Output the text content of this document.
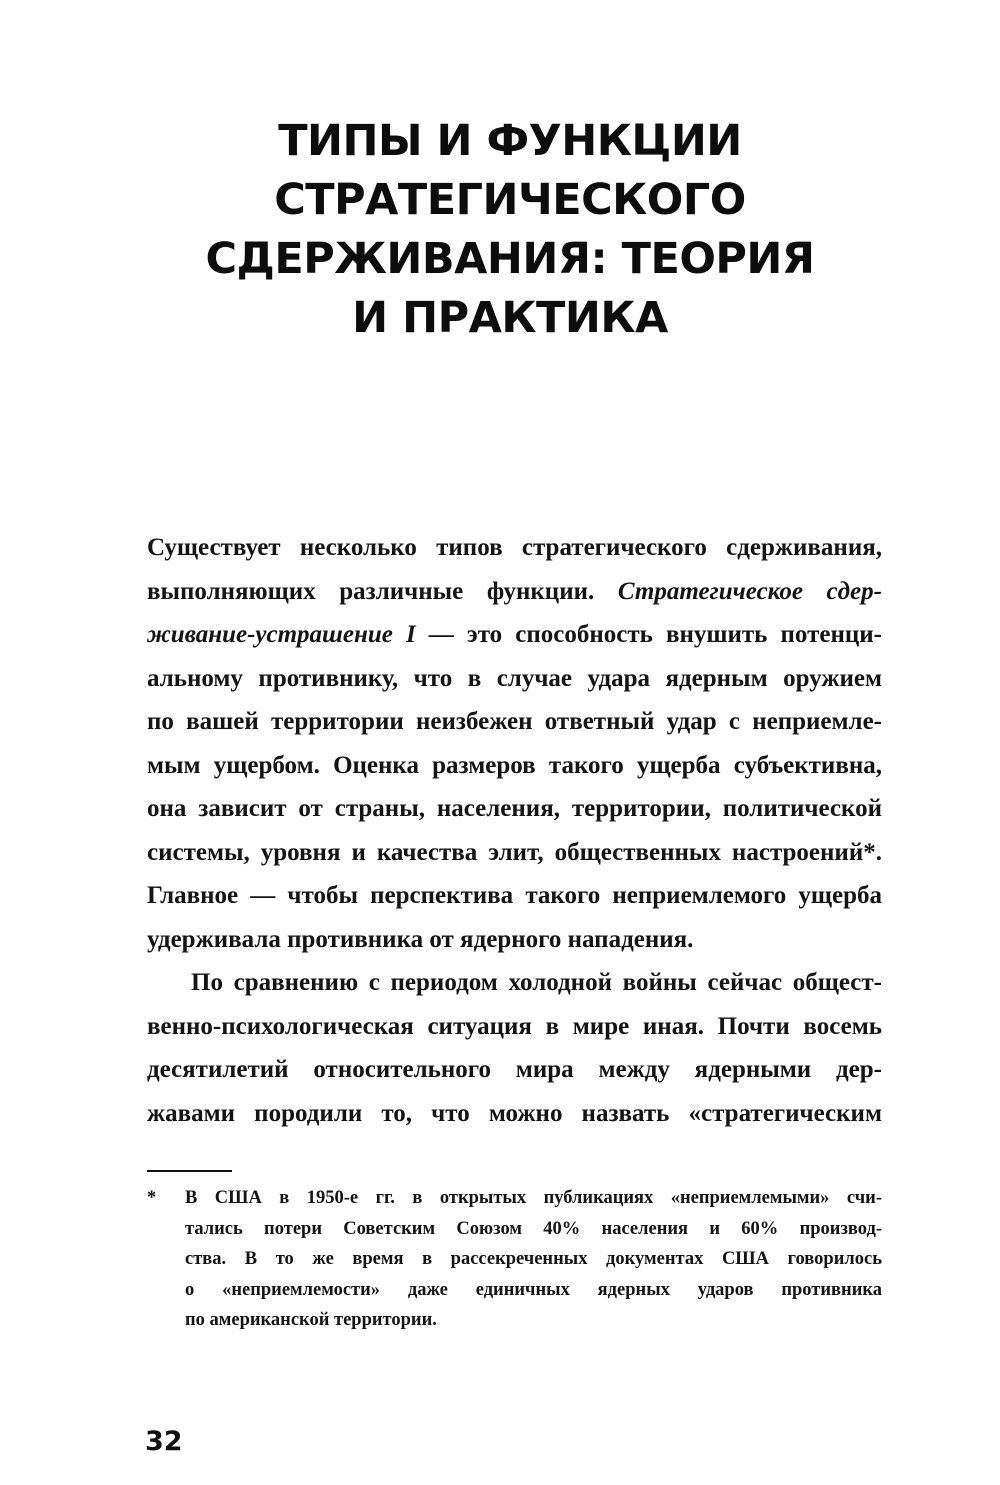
ТИПЫ И ФУНКЦИИ
СТРАТЕГИЧЕСКОГО
СДЕРЖИВАНИЯ: ТЕОРИЯ
И ПРАКТИКА

Существует несколько типов стратегического сдерживания,
выполняющих различные функции. Стратегическое сдер-
живание-устрашение I — это способность внушить потенци-
альному противнику, что в случае удара ядерным оружием
по вашей территории неизбежен ответный удар с неприемле-
мым ущербом. Оценка размеров такого ущерба субъективна,
она зависит от страны, населения, территории, политической
системы, уровня и качества элит, общественных настроений*.
Главное — чтобы перспектива такого неприемлемого ущерба
удерживала противника от ядерного нападения.

По сравнению с периодом холодной войны сейчас общест-
венно-психологическая ситуация в мире иная. Почти восемь
десятилетий относительного мира между ядерными дер-
жавами породили то, что можно назвать «стратегическим

*	В США в 1950-е гг. в открытых публикациях «неприемлемыми» счи-
тались потери Советским Союзом 40% населения и 60% производ-
ства. В то же время в рассекреченных документах США говорилось
о «неприемлемости» даже единичных ядерных ударов противника
по американской территории.
32
